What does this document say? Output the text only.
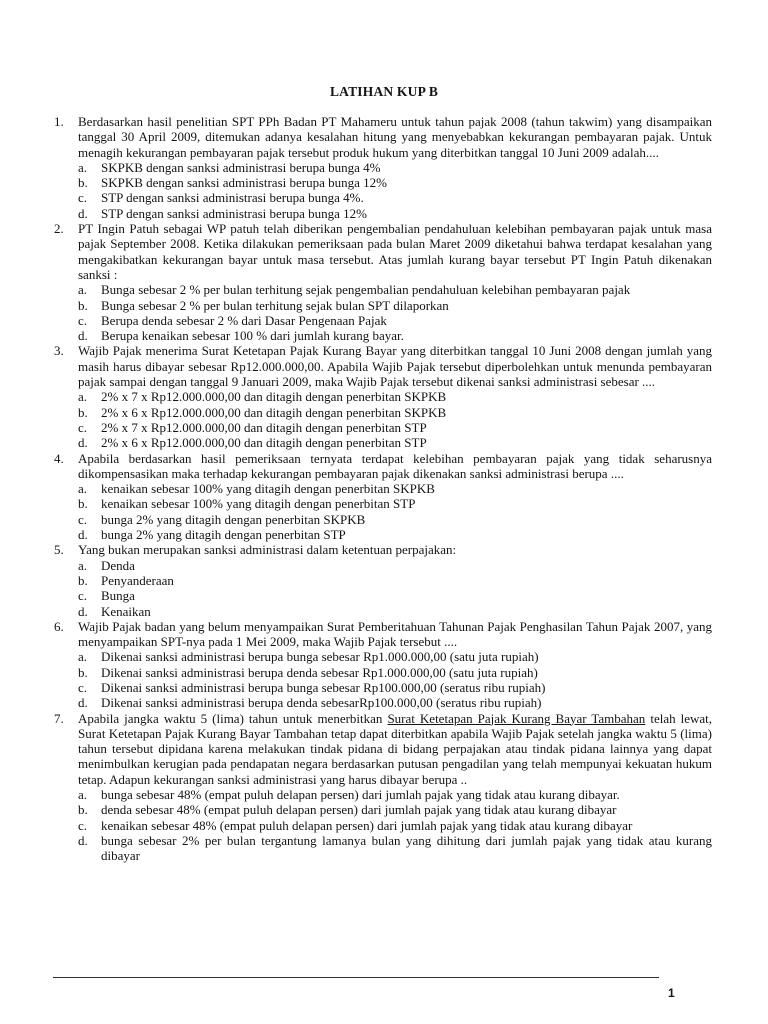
LATIHAN KUP B
1. Berdasarkan hasil penelitian SPT PPh Badan PT Mahameru untuk tahun pajak 2008 (tahun takwim) yang disampaikan tanggal 30 April 2009, ditemukan adanya kesalahan hitung yang menyebabkan kekurangan pembayaran pajak. Untuk menagih kekurangan pembayaran pajak tersebut produk hukum yang diterbitkan tanggal 10 Juni 2009 adalah....
a. SKPKB dengan sanksi administrasi berupa bunga 4%
b. SKPKB dengan sanksi administrasi berupa bunga 12%
c. STP dengan sanksi administrasi berupa bunga 4%.
d. STP dengan sanksi administrasi berupa bunga 12%
2. PT Ingin Patuh sebagai WP patuh telah diberikan pengembalian pendahuluan kelebihan pembayaran pajak untuk masa pajak September 2008. Ketika dilakukan pemeriksaan pada bulan Maret 2009 diketahui bahwa terdapat kesalahan yang mengakibatkan kekurangan bayar untuk masa tersebut. Atas jumlah kurang bayar tersebut PT Ingin Patuh dikenakan sanksi :
a. Bunga sebesar 2 % per bulan terhitung sejak pengembalian pendahuluan kelebihan pembayaran pajak
b. Bunga sebesar 2 % per bulan terhitung sejak bulan SPT dilaporkan
c. Berupa denda sebesar 2 % dari Dasar Pengenaan Pajak
d. Berupa kenaikan sebesar 100 % dari jumlah kurang bayar.
3. Wajib Pajak menerima Surat Ketetapan Pajak Kurang Bayar yang diterbitkan tanggal 10 Juni 2008 dengan jumlah yang masih harus dibayar sebesar Rp12.000.000,00. Apabila Wajib Pajak tersebut diperbolehkan untuk menunda pembayaran pajak sampai dengan tanggal 9 Januari 2009, maka Wajib Pajak tersebut dikenai sanksi administrasi sebesar ....
a. 2% x 7 x Rp12.000.000,00 dan ditagih dengan penerbitan SKPKB
b. 2% x 6 x Rp12.000.000,00 dan ditagih dengan penerbitan SKPKB
c. 2% x 7 x Rp12.000.000,00 dan ditagih dengan penerbitan STP
d. 2% x 6 x Rp12.000.000,00 dan ditagih dengan penerbitan STP
4. Apabila berdasarkan hasil pemeriksaan ternyata terdapat kelebihan pembayaran pajak yang tidak seharusnya dikompensasikan maka terhadap kekurangan pembayaran pajak dikenakan sanksi administrasi berupa ....
a. kenaikan sebesar 100% yang ditagih dengan penerbitan SKPKB
b. kenaikan sebesar 100% yang ditagih dengan penerbitan STP
c. bunga 2% yang ditagih dengan penerbitan SKPKB
d. bunga 2% yang ditagih dengan penerbitan STP
5. Yang bukan merupakan sanksi administrasi dalam ketentuan perpajakan:
a. Denda
b. Penyanderaan
c. Bunga
d. Kenaikan
6. Wajib Pajak badan yang belum menyampaikan Surat Pemberitahuan Tahunan Pajak Penghasilan Tahun Pajak 2007, yang menyampaikan SPT-nya pada 1 Mei 2009, maka Wajib Pajak tersebut ....
a. Dikenai sanksi administrasi berupa bunga sebesar Rp1.000.000,00 (satu juta rupiah)
b. Dikenai sanksi administrasi berupa denda sebesar Rp1.000.000,00 (satu juta rupiah)
c. Dikenai sanksi administrasi berupa bunga sebesar Rp100.000,00 (seratus ribu rupiah)
d. Dikenai sanksi administrasi berupa denda sebesarRp100.000,00 (seratus ribu rupiah)
7. Apabila jangka waktu 5 (lima) tahun untuk menerbitkan Surat Ketetapan Pajak Kurang Bayar Tambahan telah lewat, Surat Ketetapan Pajak Kurang Bayar Tambahan tetap dapat diterbitkan apabila Wajib Pajak setelah jangka waktu 5 (lima) tahun tersebut dipidana karena melakukan tindak pidana di bidang perpajakan atau tindak pidana lainnya yang dapat menimbulkan kerugian pada pendapatan negara berdasarkan putusan pengadilan yang telah mempunyai kekuatan hukum tetap. Adapun kekurangan sanksi administrasi yang harus dibayar berupa ..
a. bunga sebesar 48% (empat puluh delapan persen) dari jumlah pajak yang tidak atau kurang dibayar.
b. denda sebesar 48% (empat puluh delapan persen) dari jumlah pajak yang tidak atau kurang dibayar
c. kenaikan sebesar 48% (empat puluh delapan persen) dari jumlah pajak yang tidak atau kurang dibayar
d. bunga sebesar 2% per bulan tergantung lamanya bulan yang dihitung dari jumlah pajak yang tidak atau kurang dibayar
1
